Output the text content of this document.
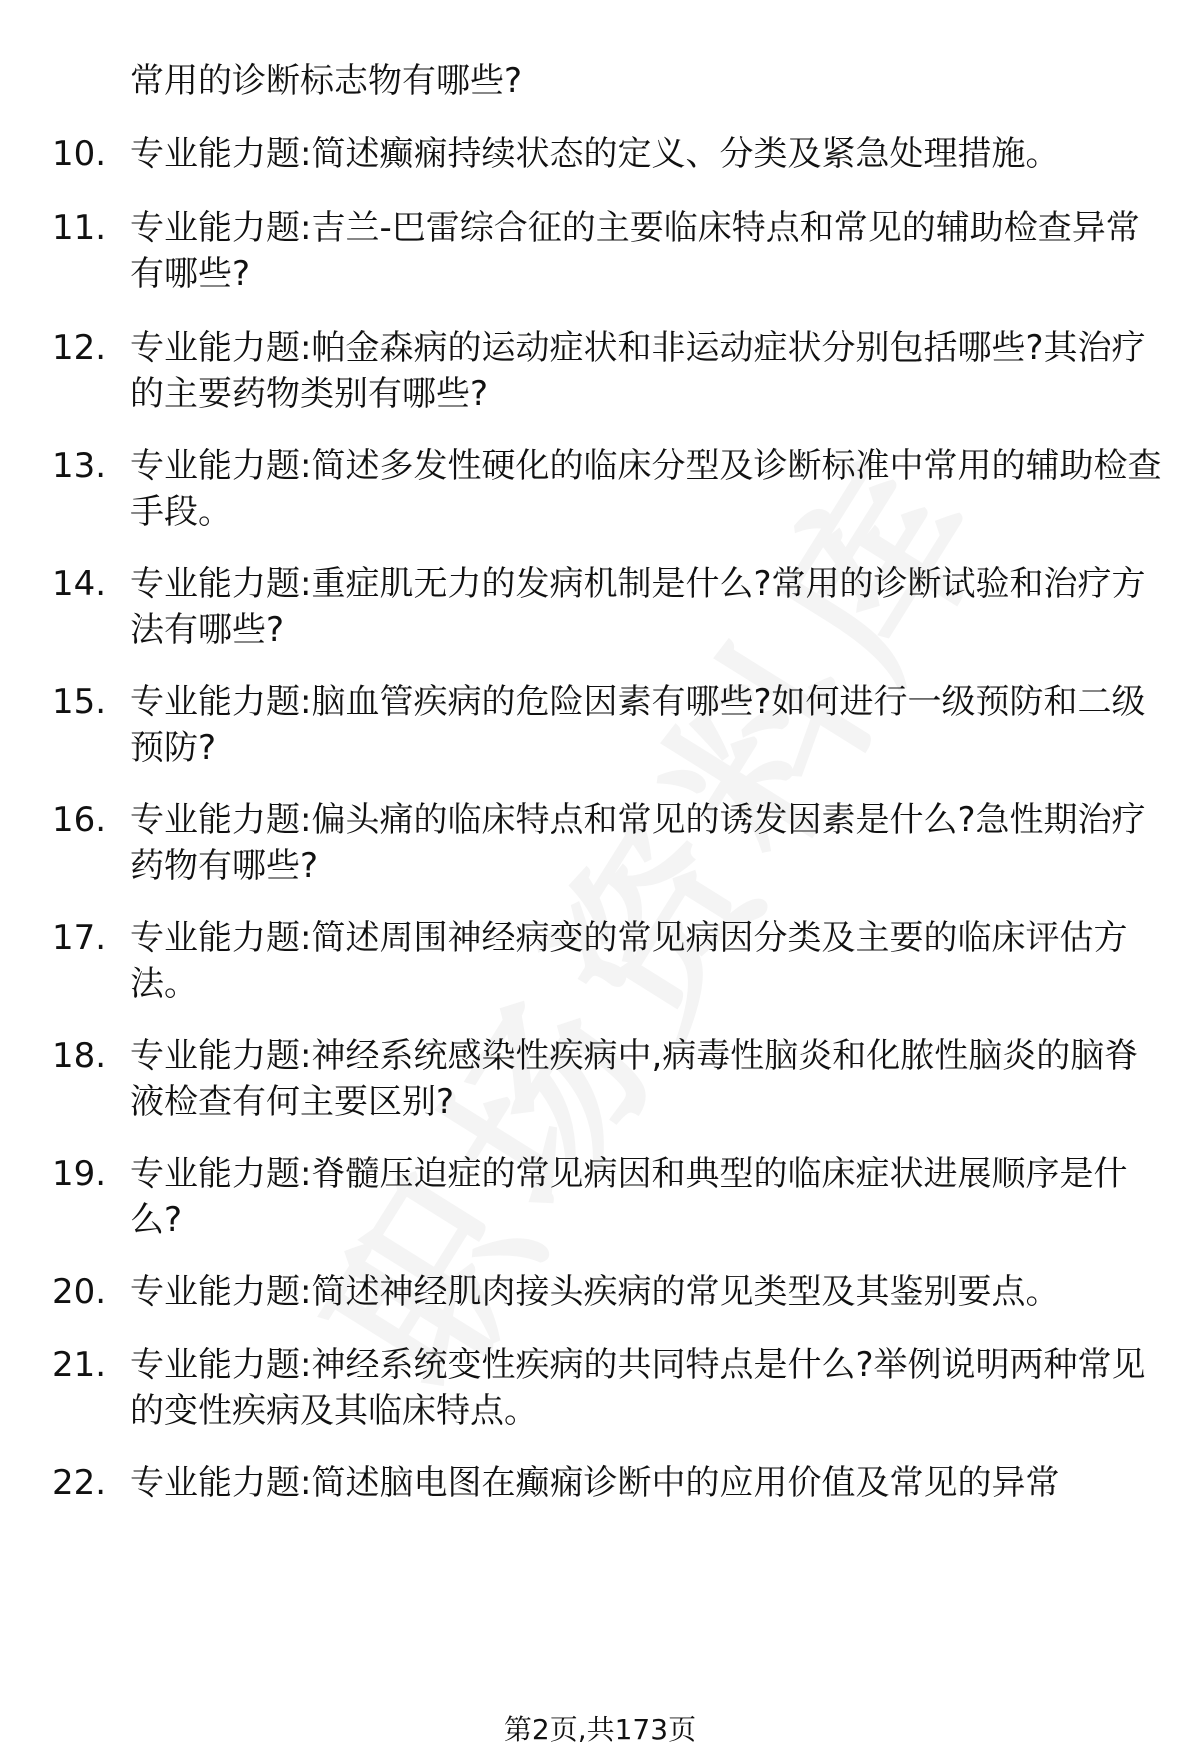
常用的诊断标志物有哪些?
10. 专业能力题:简述癫痫持续状态的定义、分类及紧急处理措施。
11. 专业能力题:吉兰-巴雷综合征的主要临床特点和常见的辅助检查异常有哪些?
12. 专业能力题:帕金森病的运动症状和非运动症状分别包括哪些?其治疗的主要药物类别有哪些?
13. 专业能力题:简述多发性硬化的临床分型及诊断标准中常用的辅助检查手段。
14. 专业能力题:重症肌无力的发病机制是什么?常用的诊断试验和治疗方法有哪些?
15. 专业能力题:脑血管疾病的危险因素有哪些?如何进行一级预防和二级预防?
16. 专业能力题:偏头痛的临床特点和常见的诱发因素是什么?急性期治疗药物有哪些?
17. 专业能力题:简述周围神经病变的常见病因分类及主要的临床评估方法。
18. 专业能力题:神经系统感染性疾病中,病毒性脑炎和化脓性脑炎的脑脊液检查有何主要区别?
19. 专业能力题:脊髓压迫症的常见病因和典型的临床症状进展顺序是什么?
20. 专业能力题:简述神经肌肉接头疾病的常见类型及其鉴别要点。
21. 专业能力题:神经系统变性疾病的共同特点是什么?举例说明两种常见的变性疾病及其临床特点。
22. 专业能力题:简述脑电图在癫痫诊断中的应用价值及常见的异常
第2页,共173页
